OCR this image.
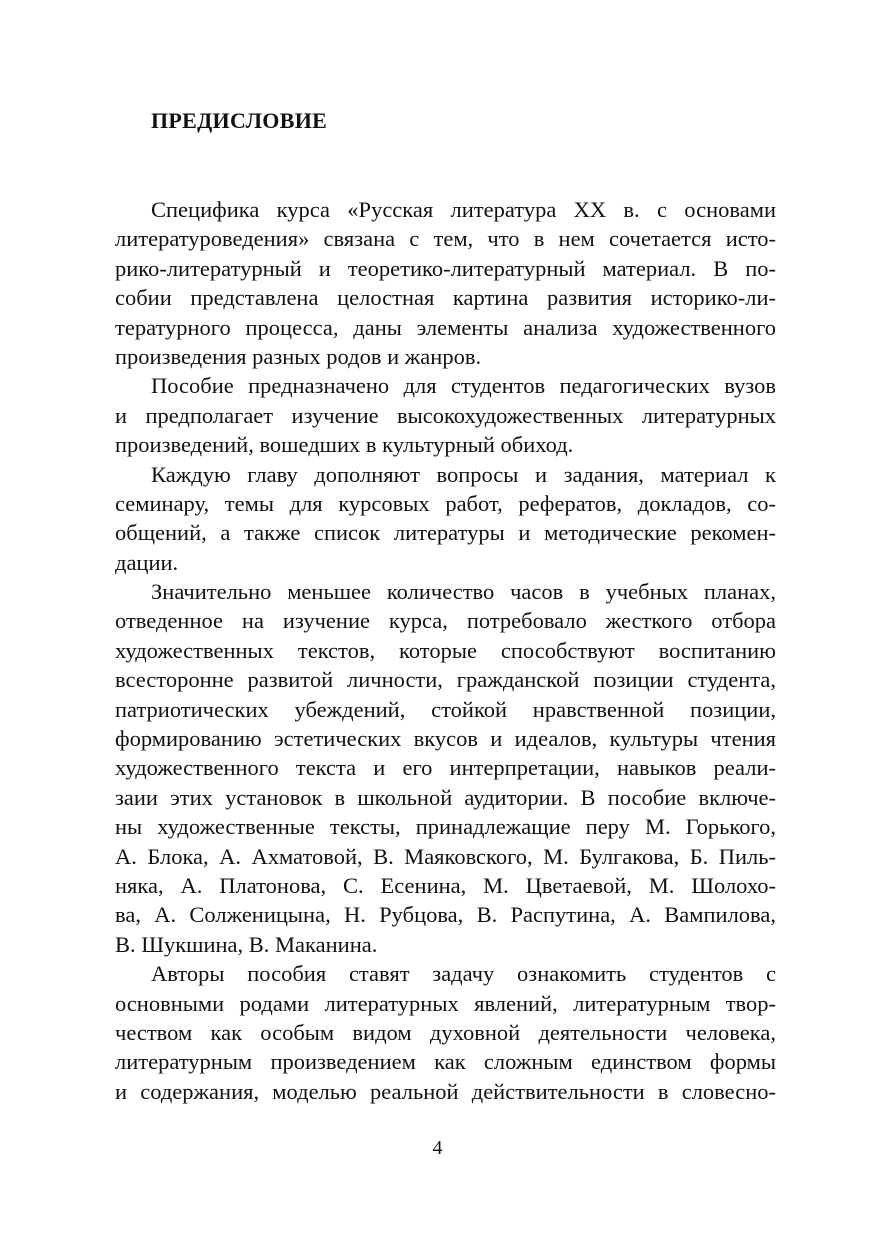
ПРЕДИСЛОВИЕ
Специфика курса «Русская литература XX в. с основами
литературоведения» связана с тем, что в нем сочетается исто-
рико-литературный и теоретико-литературный материал. В по-
собии представлена целостная картина развития историко-ли-
тературного процесса, даны элементы анализа художественного
произведения разных родов и жанров.
Пособие предназначено для студентов педагогических вузов
и предполагает изучение высокохудожественных литературных
произведений, вошедших в культурный обиход.
Каждую главу дополняют вопросы и задания, материал к
семинару, темы для курсовых работ, рефератов, докладов, со-
общений, а также список литературы и методические рекомен-
дации.
Значительно меньшее количество часов в учебных планах,
отведенное на изучение курса, потребовало жесткого отбора
художественных текстов, которые способствуют воспитанию
всесторонне развитой личности, гражданской позиции студента,
патриотических убеждений, стойкой нравственной позиции,
формированию эстетических вкусов и идеалов, культуры чтения
художественного текста и его интерпретации, навыков реали-
заии этих установок в школьной аудитории. В пособие включе-
ны художественные тексты, принадлежащие перу М. Горького,
А. Блока, А. Ахматовой, В. Маяковского, М. Булгакова, Б. Пиль-
няка, А. Платонова, С. Есенина, М. Цветаевой, М. Шолохо-
ва, А. Солженицына, Н. Рубцова, В. Распутина, А. Вампилова,
В. Шукшина, В. Маканина.
Авторы пособия ставят задачу ознакомить студентов с
основными родами литературных явлений, литературным твор-
чеством как особым видом духовной деятельности человека,
литературным произведением как сложным единством формы
и содержания, моделью реальной действительности в словесно-
4
